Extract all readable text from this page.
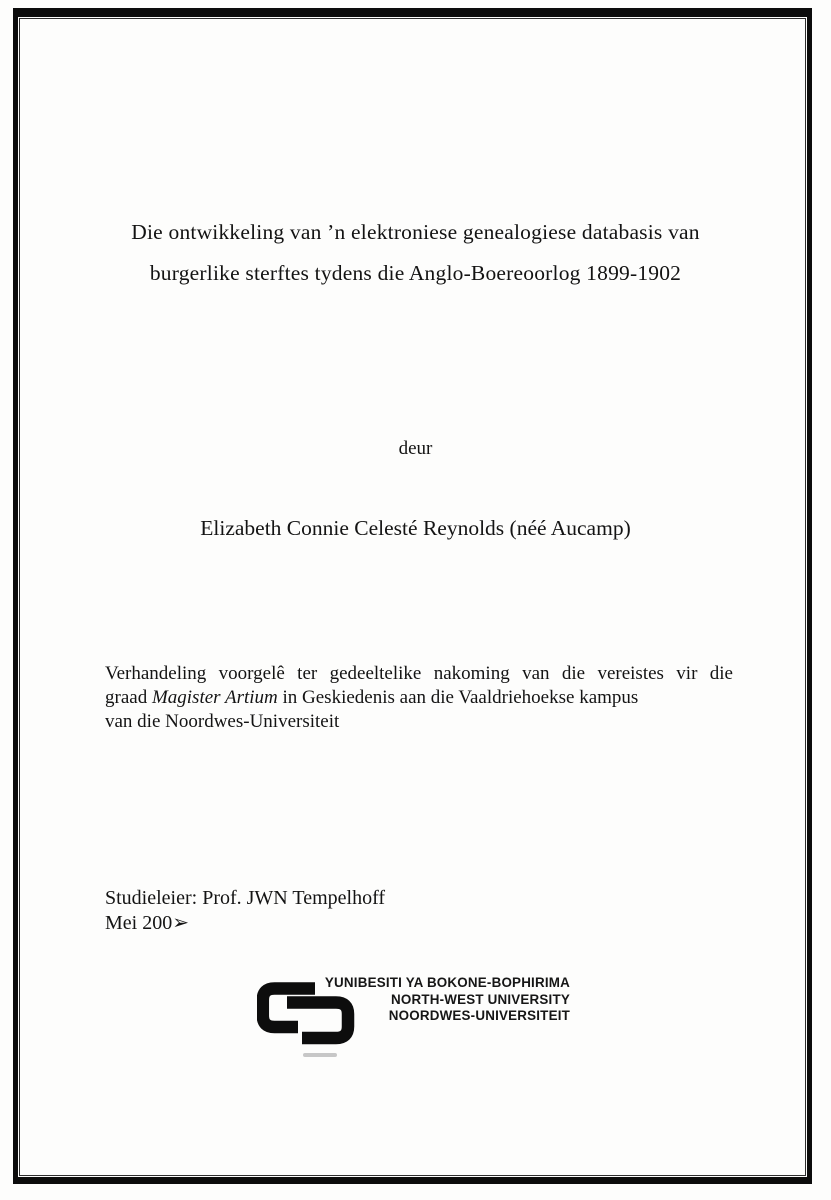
Die ontwikkeling van ’n elektroniese genealogiese databasis van
burgerlike sterftes tydens die Anglo-Boereoorlog 1899-1902
deur
Elizabeth Connie Celesté Reynolds (néé Aucamp)
Verhandeling voorgelê ter gedeeltelike nakoming van die vereistes vir die
graad Magister Artium in Geskiedenis aan die Vaaldriehoekse kampus
van die Noordwes-Universiteit
Studieleier: Prof. JWN Tempelhoff
Mei 200➢
YUNIBESITI YA BOKONE-BOPHIRIMA
NORTH-WEST UNIVERSITY
NOORDWES-UNIVERSITEIT
